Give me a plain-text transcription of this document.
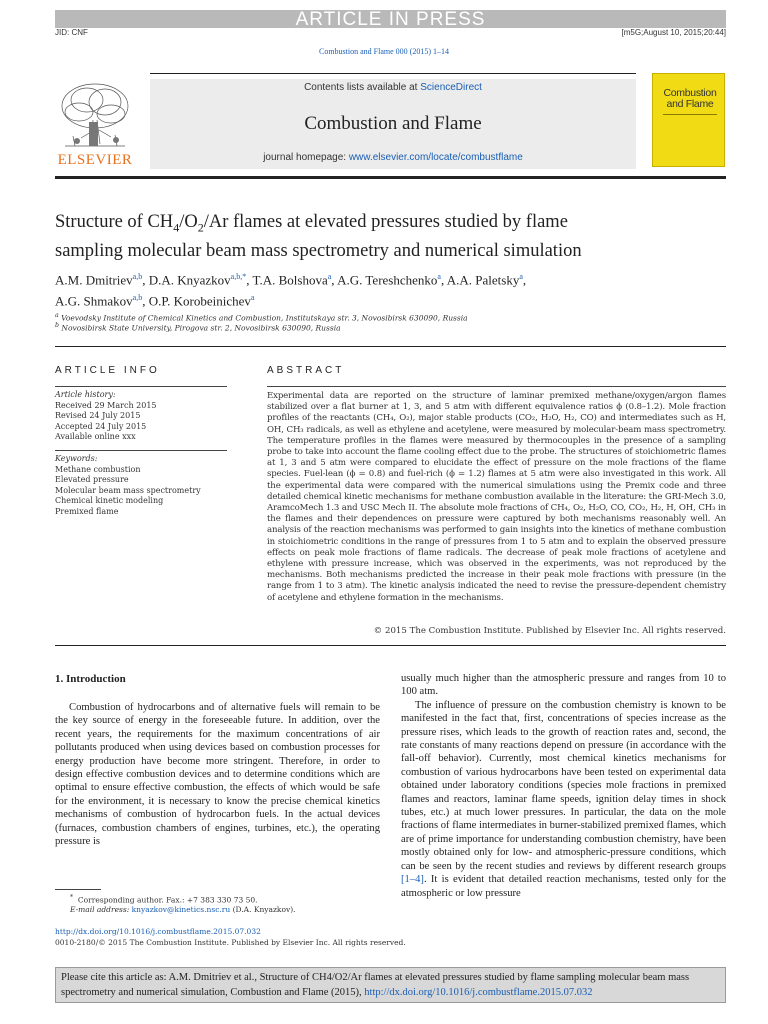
ARTICLE IN PRESS
JID: CNF	[m5G;August 10, 2015;20:44]
Combustion and Flame 000 (2015) 1–14
ELSEVIER
Contents lists available at ScienceDirect
Combustion and Flame
journal homepage: www.elsevier.com/locate/combustflame
Combustion
and Flame
Structure of $CH_4/O_2/Ar$ flames at elevated pressures studied by flame
sampling molecular beam mass spectrometry and numerical simulation
A.M. Dmitriev$^{a,b}$, D.A. Knyazkov$^{a,b,*}$, T.A. Bolshova$^a$, A.G. Tereshchenko$^a$, A.A. Paletsky$^a$,
A.G. Shmakov$^{a,b}$, O.P. Korobeinichev$^a$
$^a$ Voevodsky Institute of Chemical Kinetics and Combustion, Institutskaya str. 3, Novosibirsk 630090, Russia
$^b$ Novosibirsk State University, Pirogova str. 2, Novosibirsk 630090, Russia
ARTICLE INFO
Article history:
Received 29 March 2015
Revised 24 July 2015
Accepted 24 July 2015
Available online xxx
Keywords:
Methane combustion
Elevated pressure
Molecular beam mass spectrometry
Chemical kinetic modeling
Premixed flame
ABSTRACT
Experimental data are reported on the structure of laminar premixed methane/oxygen/argon flames stabilized over a flat burner at 1, 3, and 5 atm with different equivalence ratios ϕ (0.8–1.2). Mole fraction profiles of the reactants (CH₄, O₂), major stable products (CO₂, H₂O, H₂, CO) and intermediates such as H, OH, CH₃ radicals, as well as ethylene and acetylene, were measured by molecular-beam mass spectrometry. The temperature profiles in the flames were measured by thermocouples in the presence of a sampling probe to take into account the flame cooling effect due to the probe. The structures of stoichiometric flames at 1, 3 and 5 atm were compared to elucidate the effect of pressure on the mole fractions of the flame species. Fuel-lean (ϕ = 0.8) and fuel-rich (ϕ = 1.2) flames at 5 atm were also investigated in this work. All the experimental data were compared with the numerical simulations using the Premix code and three detailed chemical kinetic mechanisms for methane combustion available in the literature: the GRI-Mech 3.0, AramcoMech 1.3 and USC Mech II. The absolute mole fractions of CH₄, O₂, H₂O, CO, CO₂, H₂, H, OH, CH₃ in the flames and their dependences on pressure were captured by both mechanisms reasonably well. An analysis of the reaction mechanisms was performed to gain insights into the kinetics of methane combustion in stoichiometric conditions in the range of pressures from 1 to 5 atm and to explain the observed pressure effects on peak mole fractions of flame radicals. The decrease of peak mole fractions of acetylene and ethylene with pressure increase, which was observed in the experiments, was not reproduced by the mechanisms. Both mechanisms predicted the increase in their peak mole fractions with pressure (in the range from 1 to 3 atm). The kinetic analysis indicated the need to revise the pressure-dependent chemistry of acetylene and ethylene formation in the mechanisms.
© 2015 The Combustion Institute. Published by Elsevier Inc. All rights reserved.
1. Introduction

Combustion of hydrocarbons and of alternative fuels will remain to be the key source of energy in the foreseeable future. In addition, over the recent years, the requirements for the maximum concentrations of air pollutants produced when using devices based on combustion processes for energy production have become more stringent. Therefore, in order to design effective combustion devices and to determine conditions which are optimal to ensure effective combustion, the effects of which would be safe for the environment, it is necessary to know the precise chemical kinetics mechanisms of combustion of hydrocarbon fuels. In the actual devices (furnaces, combustion chambers of engines, turbines, etc.), the operating pressure is

usually much higher than the atmospheric pressure and ranges from 10 to 100 atm.

The influence of pressure on the combustion chemistry is known to be manifested in the fact that, first, concentrations of species increase as the pressure rises, which leads to the growth of reaction rates and, second, the rate constants of many reactions depend on pressure (in accordance with the fall-off behavior). Currently, most chemical kinetics mechanisms for combustion of various hydrocarbons have been tested on experimental data obtained under laboratory conditions (species mole fractions in premixed flames and reactors, laminar flame speeds, ignition delay times in shock tubes, etc.) at much lower pressures. In particular, the data on the mole fractions of flame intermediates in burner-stabilized premixed flames, which are of prime importance for understanding combustion chemistry, have been mostly obtained only for low- and atmospheric-pressure conditions, which can be seen by the recent studies and reviews by different research groups [1–4]. It is evident that detailed reaction mechanisms, tested only for the atmospheric or low pressure

* Corresponding author. Fax.: +7 383 330 73 50.
E-mail address: knyazkov@kinetics.nsc.ru (D.A. Knyazkov).
http://dx.doi.org/10.1016/j.combustflame.2015.07.032
0010-2180/© 2015 The Combustion Institute. Published by Elsevier Inc. All rights reserved.
Please cite this article as: A.M. Dmitriev et al., Structure of CH4/O2/Ar flames at elevated pressures studied by flame sampling molecular beam mass spectrometry and numerical simulation, Combustion and Flame (2015), http://dx.doi.org/10.1016/j.combustflame.2015.07.032
